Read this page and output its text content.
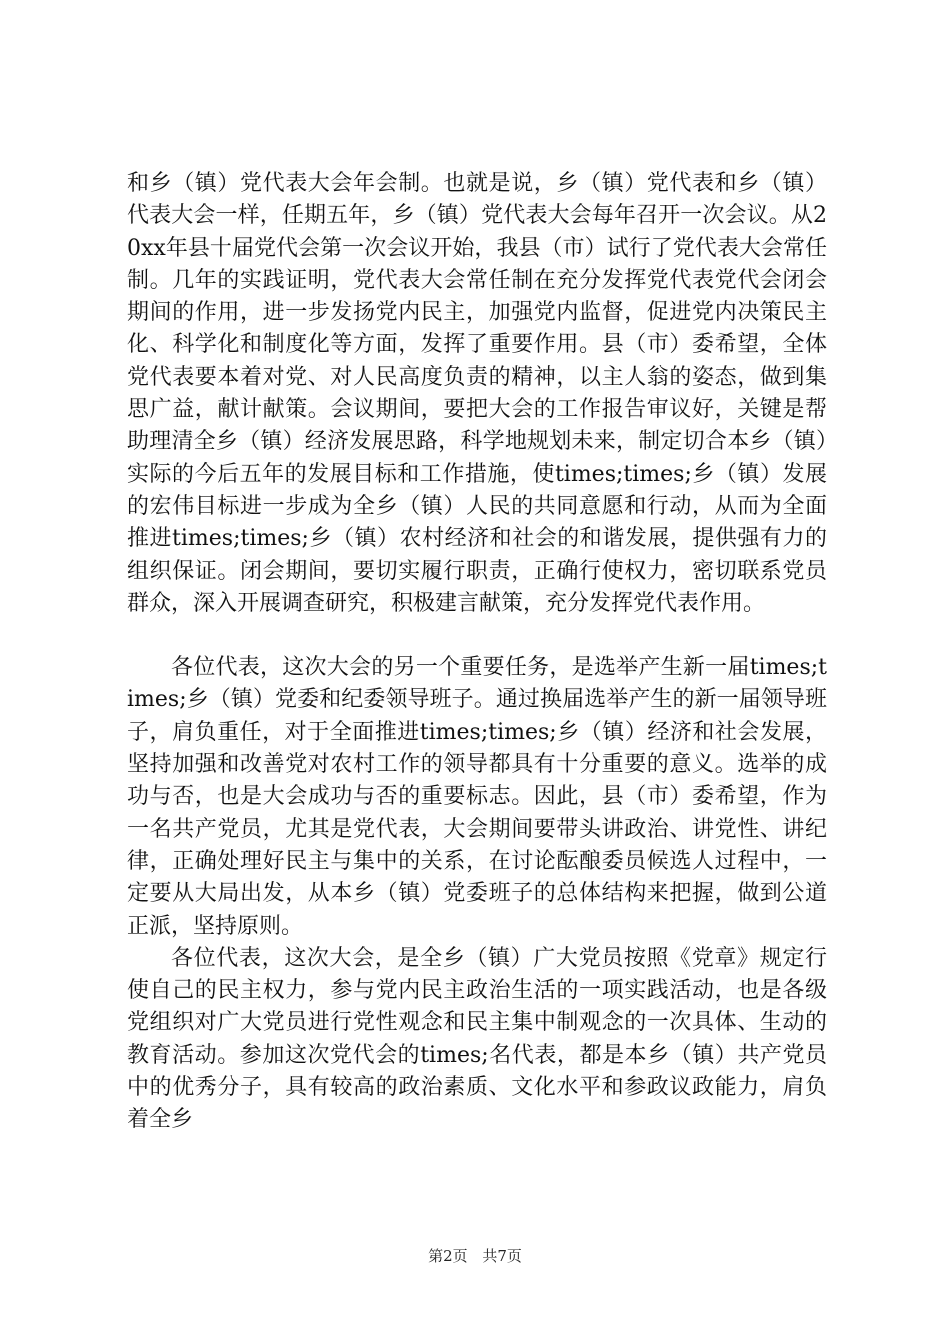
和乡（镇）党代表大会年会制。也就是说，乡（镇）党代表和乡（镇）代表大会一样，任期五年，乡（镇）党代表大会每年召开一次会议。从20xx年县十届党代会第一次会议开始，我县（市）试行了党代表大会常任制。几年的实践证明，党代表大会常任制在充分发挥党代表党代会闭会期间的作用，进一步发扬党内民主，加强党内监督，促进党内决策民主化、科学化和制度化等方面，发挥了重要作用。县（市）委希望，全体党代表要本着对党、对人民高度负责的精神，以主人翁的姿态，做到集思广益，献计献策。会议期间，要把大会的工作报告审议好，关键是帮助理清全乡（镇）经济发展思路，科学地规划未来，制定切合本乡（镇）实际的今后五年的发展目标和工作措施，使times;times;乡（镇）发展的宏伟目标进一步成为全乡（镇）人民的共同意愿和行动，从而为全面推进times;times;乡（镇）农村经济和社会的和谐发展，提供强有力的组织保证。闭会期间，要切实履行职责，正确行使权力，密切联系党员群众，深入开展调查研究，积极建言献策，充分发挥党代表作用。

各位代表，这次大会的另一个重要任务，是选举产生新一届times;times;乡（镇）党委和纪委领导班子。通过换届选举产生的新一届领导班子，肩负重任，对于全面推进times;times;乡（镇）经济和社会发展，坚持加强和改善党对农村工作的领导都具有十分重要的意义。选举的成功与否，也是大会成功与否的重要标志。因此，县（市）委希望，作为一名共产党员，尤其是党代表，大会期间要带头讲政治、讲党性、讲纪律，正确处理好民主与集中的关系，在讨论酝酿委员候选人过程中，一定要从大局出发，从本乡（镇）党委班子的总体结构来把握，做到公道正派，坚持原则。

各位代表，这次大会，是全乡（镇）广大党员按照《党章》规定行使自己的民主权力，参与党内民主政治生活的一项实践活动，也是各级党组织对广大党员进行党性观念和民主集中制观念的一次具体、生动的教育活动。参加这次党代会的times;名代表，都是本乡（镇）共产党员中的优秀分子，具有较高的政治素质、文化水平和参政议政能力，肩负着全乡

第2页 共7页
